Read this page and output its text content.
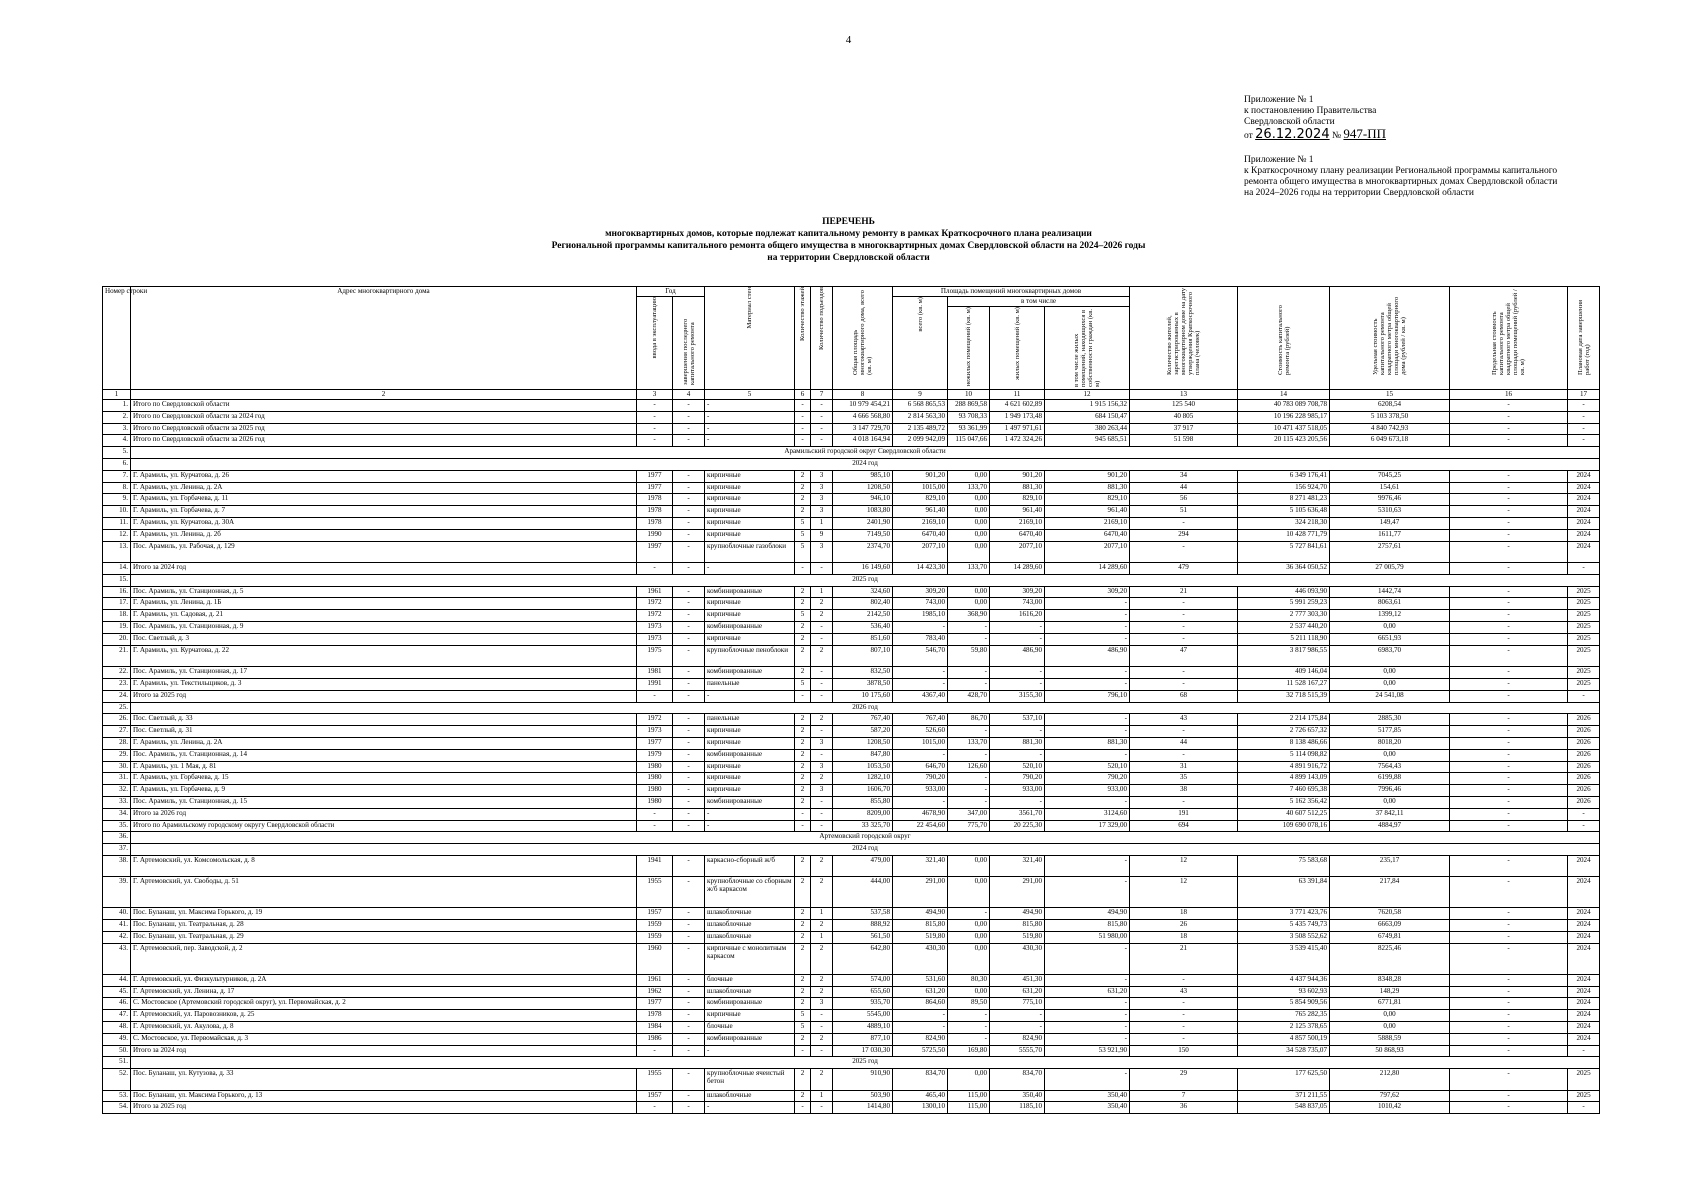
4
Приложение № 1
к постановлению Правительства
Свердловской области
от 26.12.2024 № 947-ПП
Приложение № 1
к Краткосрочному плану реализации Региональной программы капитального
ремонта общего имущества в многоквартирных домах Свердловской области
на 2024–2026 годы на территории Свердловской области
ПЕРЕЧЕНЬ
многоквартирных домов, которые подлежат капитальному ремонту в рамках Краткосрочного плана реализации
Региональной программы капитального ремонта общего имущества в многоквартирных домах Свердловской области на 2024–2026 годы
на территории Свердловской области
Номер строки	Адрес многоквартирного дома	Год		Материал стен	Количество этажей	Количество подъездов	Общая площадь многоквартирного дома, всего (кв. м)	Площадь помещений многоквартирных домов				Количество жителей, зарегистрированных в многоквартирном доме на дату утверждения Краткосрочного плана (человек)	Стоимость капитального ремонта (рублей)	Удельная стоимость капитального ремонта квадратного метра общей площади многоквартирного дома (рублей / кв. м)	Предельная стоимость капитального ремонта квадратного метра общей площади помещений (рублей / кв. м)	Плановая дата завершения работ (год)
		ввода в эксплуатацию	завершения последнего капитального ремонта					всего (кв. м)	в том числе							
									нежилых помещений (кв. м)	жилых помещений (кв. м)	в том числе жилых помещений, находящихся в собственности граждан (кв. м)					
1	2	3	4	5	6	7	8	9	10	11	12	13	14	15	16	17
1.	Итого по Свердловской области	-	-	-	-	-	10 979 454,21	6 568 865,53	288 869,58	4 621 602,89	1 915 156,32	125 540	40 783 089 708,78	6208,54	-	-
2.	Итого по Свердловской области за 2024 год	-	-	-	-	-	4 666 568,80	2 814 563,30	93 708,33	1 949 173,48	684 150,47	40 805	10 196 228 985,17	5 103 378,50	-	-
3.	Итого по Свердловской области за 2025 год	-	-	-	-	-	3 147 729,70	2 135 489,72	93 361,99	1 497 971,61	380 263,44	37 917	10 471 437 518,05	4 840 742,93	-	-
4.	Итого по Свердловской области за 2026 год	-	-	-	-	-	4 018 164,94	2 099 942,09	115 047,66	1 472 324,26	945 685,51	51 598	20 115 423 205,56	6 049 673,18	-	-
5.	Арамильский городской округ Свердловской области															
6.	2024 год															
7.	Г. Арамиль, ул. Курчатова, д. 26	1977	-	кирпичные	2	3	985,10	901,20	0,00	901,20	901,20	34	6 349 176,41	7045,25	-	2024
8.	Г. Арамиль, ул. Ленина, д. 2А	1977	-	кирпичные	2	3	1208,50	1015,00	133,70	881,30	881,30	44	156 924,70	154,61	-	2024
9.	Г. Арамиль, ул. Горбачева, д. 11	1978	-	кирпичные	2	3	946,10	829,10	0,00	829,10	829,10	56	8 271 481,23	9976,46	-	2024
10.	Г. Арамиль, ул. Горбачева, д. 7	1978	-	кирпичные	2	3	1083,80	961,40	0,00	961,40	961,40	51	5 105 636,48	5310,63	-	2024
11.	Г. Арамиль, ул. Курчатова, д. 30А	1978	-	кирпичные	5	1	2401,90	2169,10	0,00	2169,10	2169,10	-	324 218,30	149,47	-	2024
12.	Г. Арамиль, ул. Ленина, д. 2б	1990	-	кирпичные	5	9	7149,50	6470,40	0,00	6470,40	6470,40	294	10 428 771,79	1611,77	-	2024
13.	Пос. Арамиль, ул. Рабочая, д. 129	1997	-	крупноблочные газоблоки	5	3	2374,70	2077,10	0,00	2077,10	2077,10	-	5 727 841,61	2757,61	-	2024
14.	Итого за 2024 год	-	-	-	-	-	16 149,60	14 423,30	133,70	14 289,60	14 289,60	479	36 364 050,52	27 005,79	-	-
15.	2025 год															
16.	Пос. Арамиль, ул. Станционная, д. 5	1961	-	комбинированные	2	1	324,60	309,20	0,00	309,20	309,20	21	446 093,90	1442,74	-	2025
17.	Г. Арамиль, ул. Ленина, д. 1Б	1972	-	кирпичные	2	2	802,40	743,00	0,00	743,00	-	-	5 991 259,23	8063,61	-	2025
18.	Г. Арамиль, ул. Садовая, д. 21	1972	-	кирпичные	5	2	2142,50	1985,10	368,90	1616,20	-	-	2 777 303,30	1399,12	-	2025
19.	Пос. Арамиль, ул. Станционная, д. 9	1973	-	комбинированные	2	-	536,40	-	-	-	-	-	2 537 440,20	0,00	-	2025
20.	Пос. Светлый, д. 3	1973	-	кирпичные	2	-	851,60	783,40	-	-	-	-	5 211 118,90	6651,93	-	2025
21.	Г. Арамиль, ул. Курчатова, д. 22	1975	-	крупноблочные пеноблоки	2	2	807,10	546,70	59,80	486,90	486,90	47	3 817 986,55	6983,70	-	2025
22.	Пос. Арамиль, ул. Станционная, д. 17	1981	-	комбинированные	2	-	832,50	-	-	-	-	-	409 146,04	0,00	-	2025
23.	Г. Арамиль, ул. Текстильщиков, д. 3	1991	-	панельные	5	-	3878,50	-	-	-	-	-	11 528 167,27	0,00	-	2025
24.	Итого за 2025 год	-	-	-	-	-	10 175,60	4367,40	428,70	3155,30	796,10	68	32 718 515,39	24 541,08	-	-
25.	2026 год															
26.	Пос. Светлый, д. 33	1972	-	панельные	2	2	767,40	767,40	86,70	537,10	-	43	2 214 175,84	2885,30	-	2026
27.	Пос. Светлый, д. 31	1973	-	кирпичные	2	-	587,20	526,60	-	-	-	-	2 726 657,32	5177,85	-	2026
28.	Г. Арамиль, ул. Ленина, д. 2А	1977	-	кирпичные	2	3	1208,50	1015,00	133,70	881,30	881,30	44	8 138 486,66	8018,20	-	2026
29.	Пос. Арамиль, ул. Станционная, д. 14	1979	-	комбинированные	2	-	847,80	-	-	-	-	-	5 114 098,82	0,00	-	2026
30.	Г. Арамиль, ул. 1 Мая, д. 81	1980	-	кирпичные	2	3	1053,50	646,70	126,60	520,10	520,10	31	4 891 916,72	7564,43	-	2026
31.	Г. Арамиль, ул. Горбачева, д. 15	1980	-	кирпичные	2	2	1282,10	790,20	-	790,20	790,20	35	4 899 143,09	6199,88	-	2026
32.	Г. Арамиль, ул. Горбачева, д. 9	1980	-	кирпичные	2	3	1606,70	933,00	-	933,00	933,00	38	7 460 695,38	7996,46	-	2026
33.	Пос. Арамиль, ул. Станционная, д. 15	1980	-	комбинированные	2	-	855,80	-	-	-	-	-	5 162 356,42	0,00	-	2026
34.	Итого за 2026 год	-	-	-	-	-	8209,00	4678,90	347,00	3561,70	3124,60	191	40 607 512,25	37 842,11	-	-
35.	Итого по Арамильскому городскому округу Свердловской области	-	-	-	-	-	33 325,70	22 454,60	775,70	20 225,30	17 329,00	694	109 690 078,16	4884,97	-	-
36.	Артемовский городской округ															
37.	2024 год															
38.	Г. Артемовский, ул. Комсомольская, д. 8	1941	-	каркасно-сборный ж/б	2	2	479,00	321,40	0,00	321,40	-	12	75 583,68	235,17	-	2024
39.	Г. Артемовский, ул. Свободы, д. 51	1955	-	крупноблочные со сборным ж/б каркасом	2	2	444,00	291,00	0,00	291,00	-	12	63 391,84	217,84	-	2024
40.	Пос. Буланаш, ул. Максима Горького, д. 19	1957	-	шлакоблочные	2	1	537,58	494,90	-	494,90	494,90	18	3 771 423,76	7620,58	-	2024
41.	Пос. Буланаш, ул. Театральная, д. 28	1959	-	шлакоблочные	2	2	888,92	815,80	0,00	815,80	815,80	26	5 435 749,73	6663,09	-	2024
42.	Пос. Буланаш, ул. Театральная, д. 29	1959	-	шлакоблочные	2	1	561,50	519,80	0,00	519,80	51 980,00	18	3 508 552,62	6749,81	-	2024
43.	Г. Артемовский, пер. Заводской, д. 2	1960	-	кирпичные с монолитным каркасом	2	2	642,80	430,30	0,00	430,30	-	21	3 539 415,40	8225,46	-	2024
44.	Г. Артемовский, ул. Физкультурников, д. 2А	1961	-	блочные	2	2	574,00	531,60	80,30	451,30	-	-	4 437 944,36	8348,28	-	2024
45.	Г. Артемовский, ул. Ленина, д. 17	1962	-	шлакоблочные	2	2	655,60	631,20	0,00	631,20	631,20	43	93 602,93	148,29	-	2024
46.	С. Мостовское (Артемовский городской округ), ул. Первомайская, д. 2	1977	-	комбинированные	2	3	935,70	864,60	89,50	775,10	-	-	5 854 909,56	6771,81	-	2024
47.	Г. Артемовский, ул. Паровозников, д. 25	1978	-	кирпичные	5	-	5545,00	-	-	-	-	-	765 282,35	0,00	-	2024
48.	Г. Артемовский, ул. Акулова, д. 8	1984	-	блочные	5	-	4889,10	-	-	-	-	-	2 125 378,65	0,00	-	2024
49.	С. Мостовское, ул. Первомайская, д. 3	1986	-	комбинированные	2	2	877,10	824,90	-	824,90	-	-	4 857 500,19	5888,59	-	2024
50.	Итого за 2024 год	-	-	-	-	-	17 030,30	5725,50	169,80	5555,70	53 921,90	150	34 528 735,07	50 868,93	-	-
51.	2025 год															
52.	Пос. Буланаш, ул. Кутузова, д. 33	1955	-	крупноблочные ячеистый бетон	2	2	910,90	834,70	0,00	834,70	-	29	177 625,50	212,80	-	2025
53.	Пос. Буланаш, ул. Максима Горького, д. 13	1957	-	шлакоблочные	2	1	503,90	465,40	115,00	350,40	350,40	7	371 211,55	797,62	-	2025
54.	Итого за 2025 год	-	-	-	-	-	1414,80	1300,10	115,00	1185,10	350,40	36	548 837,05	1010,42	-	-
